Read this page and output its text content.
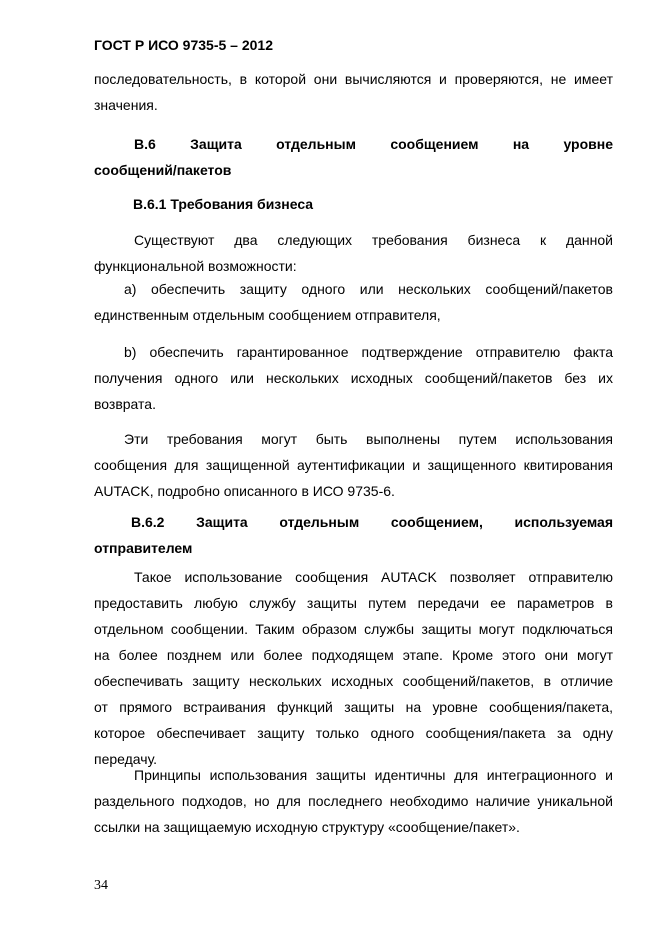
ГОСТ Р ИСО 9735-5 – 2012

последовательность, в которой они вычисляются и проверяются, не имеет

значения.

В.6 Защита отдельным сообщением на уровне

сообщений/пакетов

В.6.1 Требования бизнеса

Существуют два следующих требования бизнеса к данной

функциональной возможности:

a) обеспечить защиту одного или нескольких сообщений/пакетов

единственным отдельным сообщением отправителя,

b) обеспечить гарантированное подтверждение отправителю факта

получения одного или нескольких исходных сообщений/пакетов без их

возврата.

Эти требования могут быть выполнены путем использования

сообщения для защищенной аутентификации и защищенного квитирования

AUTACK, подробно описанного в ИСО 9735-6.

В.6.2 Защита отдельным сообщением, используемая

отправителем

Такое использование сообщения AUTACK позволяет отправителю

предоставить любую службу защиты путем передачи ее параметров в

отдельном сообщении. Таким образом службы защиты могут подключаться

на более позднем или более подходящем этапе. Кроме этого они могут

обеспечивать защиту нескольких исходных сообщений/пакетов, в отличие

от прямого встраивания функций защиты на уровне сообщения/пакета,

которое обеспечивает защиту только одного сообщения/пакета за одну

передачу.

Принципы использования защиты идентичны для интеграционного и

раздельного подходов, но для последнего необходимо наличие уникальной

ссылки на защищаемую исходную структуру «сообщение/пакет».

34
